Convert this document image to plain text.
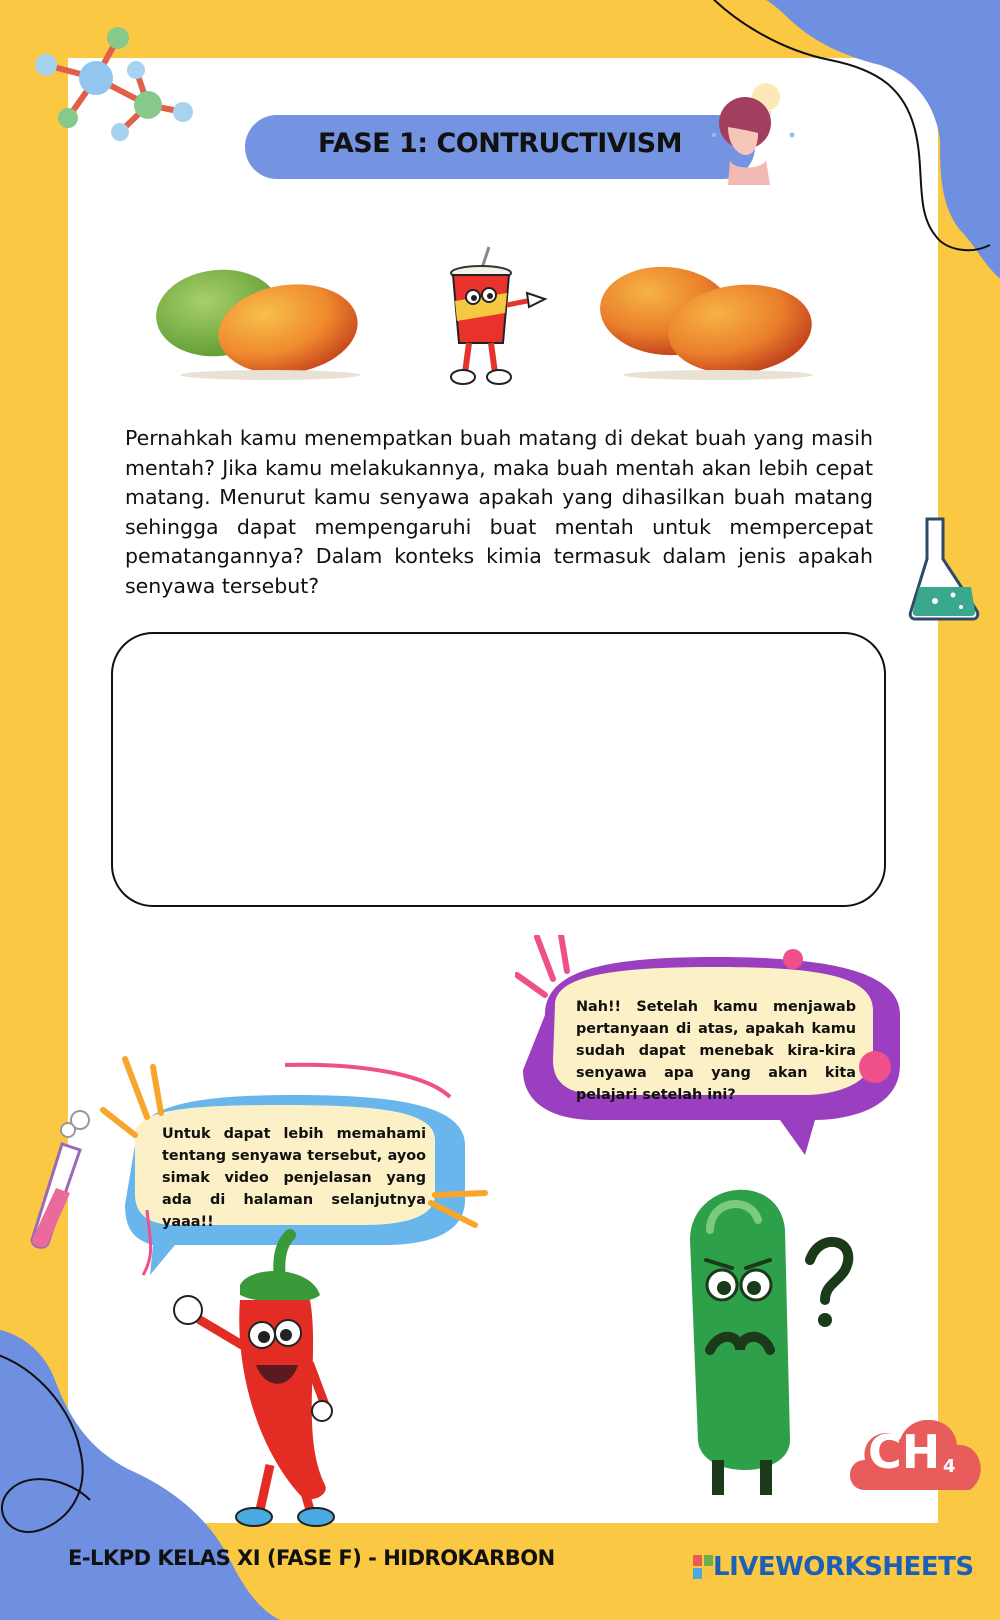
FASE 1: CONTRUCTIVISM
Pernahkah kamu menempatkan buah matang di dekat buah yang masih mentah? Jika kamu melakukannya, maka buah mentah akan lebih cepat matang. Menurut kamu senyawa apakah yang dihasilkan buah matang sehingga dapat mempengaruhi buat mentah untuk mempercepat pematangannya? Dalam konteks kimia termasuk dalam jenis apakah senyawa tersebut?
Nah!! Setelah kamu menjawab pertanyaan di atas, apakah kamu sudah dapat menebak kira-kira senyawa apa yang akan kita pelajari setelah ini?
Untuk dapat lebih memahami tentang senyawa tersebut, ayoo simak video penjelasan yang ada di halaman selanjutnya yaaa!!
CH 4
E-LKPD KELAS XI (FASE F) - HIDROKARBON	LIVEWORKSHEETS
